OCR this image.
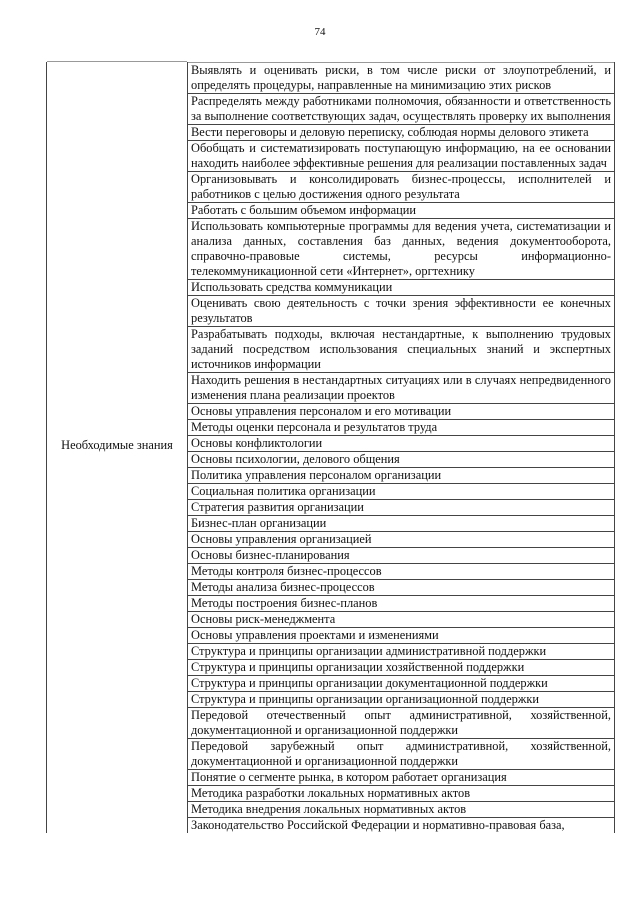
74
Необходимые знания

Выявлять и оценивать риски, в том числе риски от злоупотреблений, и определять процедуры, направленные на минимизацию этих рисков
Распределять между работниками полномочия, обязанности и ответственность за выполнение соответствующих задач, осуществлять проверку их выполнения
Вести переговоры и деловую переписку, соблюдая нормы делового этикета
Обобщать и систематизировать поступающую информацию, на ее основании находить наиболее эффективные решения для реализации поставленных задач
Организовывать и консолидировать бизнес-процессы, исполнителей и работников с целью достижения одного результата
Работать с большим объемом информации
Использовать компьютерные программы для ведения учета, систематизации и анализа данных, составления баз данных, ведения документооборота, справочно-правовые системы, ресурсы информационно-телекоммуникационной сети «Интернет», оргтехнику
Использовать средства коммуникации
Оценивать свою деятельность с точки зрения эффективности ее конечных результатов
Разрабатывать подходы, включая нестандартные, к выполнению трудовых заданий посредством использования специальных знаний и экспертных источников информации
Находить решения в нестандартных ситуациях или в случаях непредвиденного изменения плана реализации проектов
Основы управления персоналом и его мотивации
Методы оценки персонала и результатов труда
Основы конфликтологии
Основы психологии, делового общения
Политика управления персоналом организации
Социальная политика организации
Стратегия развития организации
Бизнес-план организации
Основы управления организацией
Основы бизнес-планирования
Методы контроля бизнес-процессов
Методы анализа бизнес-процессов
Методы построения бизнес-планов
Основы риск-менеджмента
Основы управления проектами и изменениями
Структура и принципы организации административной поддержки
Структура и принципы организации хозяйственной поддержки
Структура и принципы организации документационной поддержки
Структура и принципы организации организационной поддержки
Передовой отечественный опыт административной, хозяйственной, документационной и организационной поддержки
Передовой зарубежный опыт административной, хозяйственной, документационной и организационной поддержки
Понятие о сегменте рынка, в котором работает организация
Методика разработки локальных нормативных актов
Методика внедрения локальных нормативных актов
Законодательство Российской Федерации и нормативно-правовая база,
